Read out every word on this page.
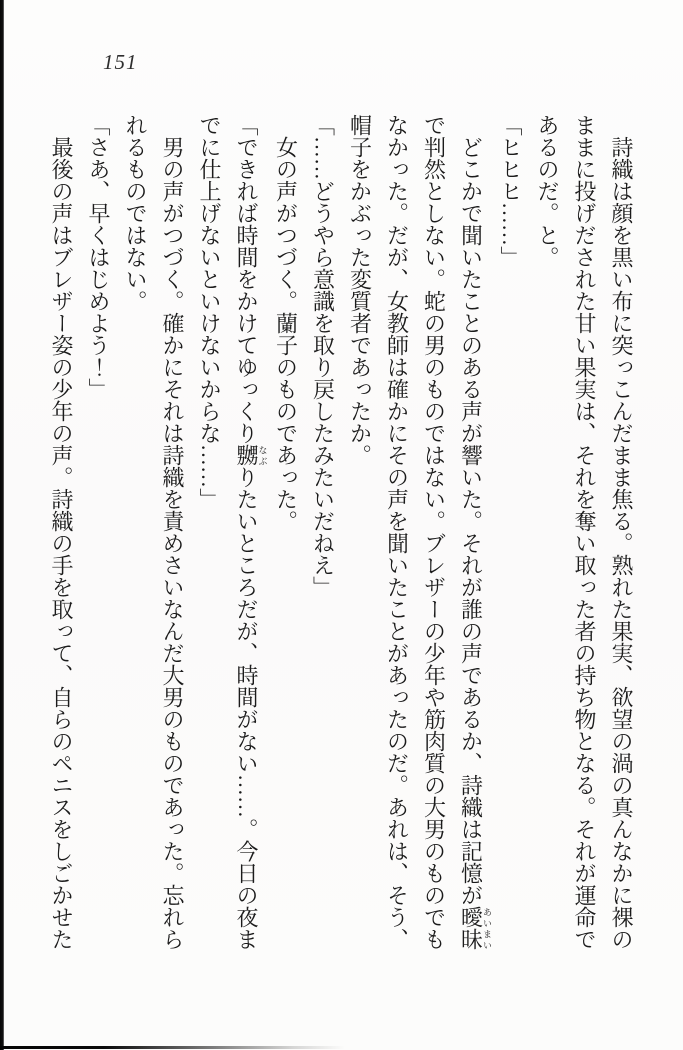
151

詩織は顔を黒い布に突っこんだまま焦る。熟れた果実、欲望の渦の真んなかに裸のままに投げだされた甘い果実は、それを奪い取った者の持ち物となる。それが運命であるのだ。と。

「ヒヒヒ……」

どこかで聞いたことのある声が響いた。それが誰の声であるか、詩織は記憶が曖昧あいまいで判然としない。蛇の男のものではない。ブレザーの少年や筋肉質の大男のものでもなかった。だが、女教師は確かにその声を聞いたことがあったのだ。あれは、そう、帽子をかぶった変質者であったか。

「……どうやら意識を取り戻したみたいだねえ」

女の声がつづく。蘭子のものであった。

「できれば時間をかけてゆっくり嬲なぶりたいところだが、時間がない……。今日の夜までに仕上げないといけないからな……」

男の声がつづく。確かにそれは詩織を責めさいなんだ大男のものであった。忘れられるものではない。

「さあ、早くはじめよう！」

最後の声はブレザー姿の少年の声。詩織の手を取って、自らのペニスをしごかせた
